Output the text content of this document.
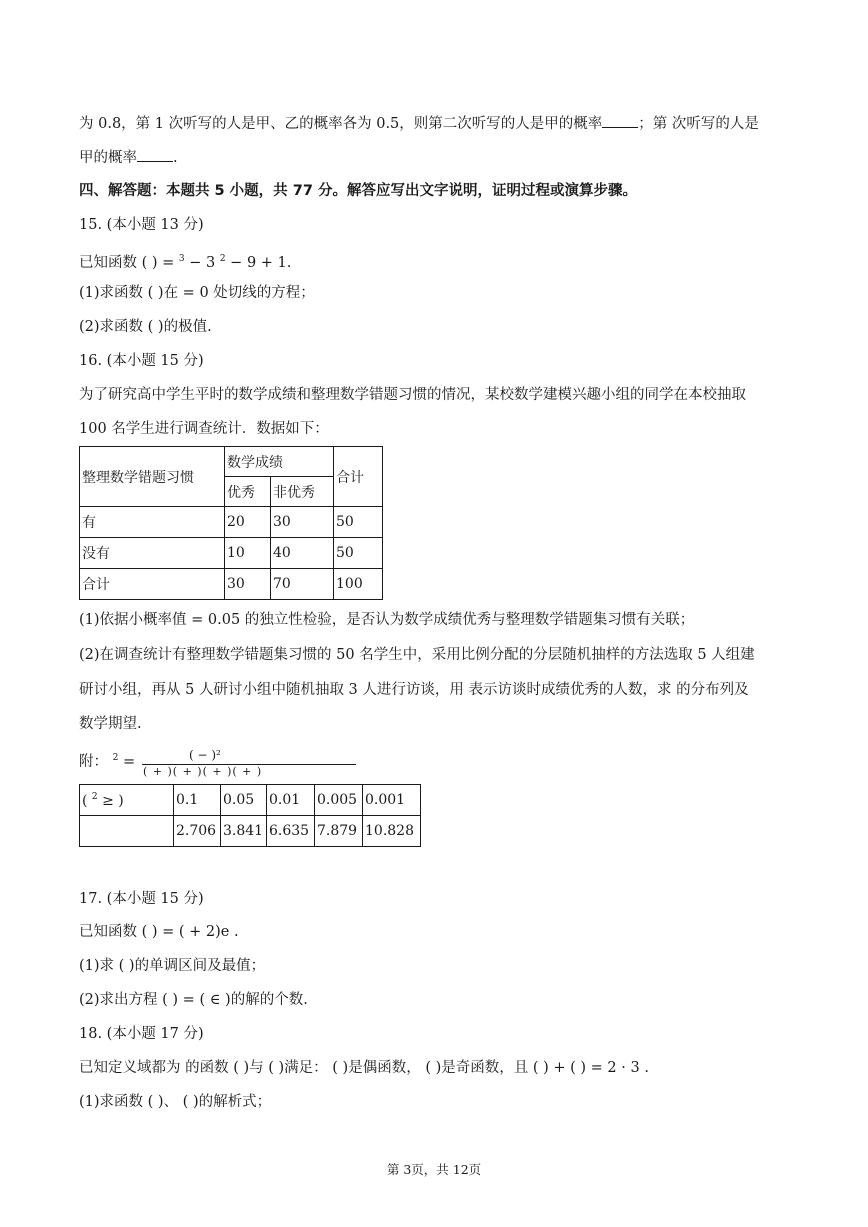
为 0.8，第 1 次听写的人是甲、乙的概率各为 0.5，则第二次听写的人是甲的概率 ；第 次听写的人是
甲的概率 .
四、解答题：本题共 5 小题，共 77 分。解答应写出文字说明，证明过程或演算步骤。
15. (本小题 13 分)
已知函数 ( ) = $^3$ − 3 $^2$ − 9 + 1.
(1)求函数 ( )在 = 0 处切线的方程；
(2)求函数 ( )的极值.
16. (本小题 15 分)
为了研究高中学生平时的数学成绩和整理数学错题习惯的情况，某校数学建模兴趣小组的同学在本校抽取
100 名学生进行调查统计．数据如下：
整理数学错题习惯	数学成绩		合计
	优秀	非优秀	
有	20	30	50
没有	10	40	50
合计	30	70	100
(1)依据小概率值 = 0.05 的独立性检验，是否认为数学成绩优秀与整理数学错题集习惯有关联；
(2)在调查统计有整理数学错题集习惯的 50 名学生中，采用比例分配的分层随机抽样的方法选取 5 人组建
研讨小组，再从 5 人研讨小组中随机抽取 3 人进行访谈，用 表示访谈时成绩优秀的人数，求 的分布列及
数学期望.
附： $^2$ =	( − )²
( + )( + )( + )( + )
( $^2$ ≥ )	0.1	0.05	0.01	0.005	0.001
	2.706	3.841	6.635	7.879	10.828
17. (本小题 15 分)
已知函数 ( ) = ( + 2)e .
(1)求 ( )的单调区间及最值；
(2)求出方程 ( ) = ( ∈ )的解的个数.
18. (本小题 17 分)
已知定义域都为 的函数 ( )与 ( )满足： ( )是偶函数， ( )是奇函数，且 ( ) + ( ) = 2 · 3 .
(1)求函数 ( )、 ( )的解析式；
第 3页，共 12页
